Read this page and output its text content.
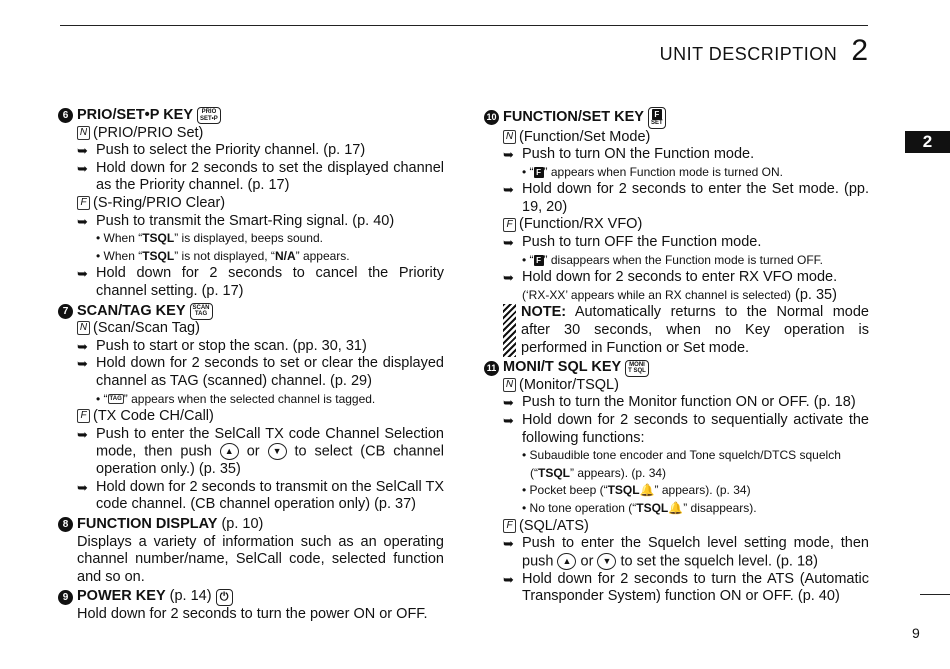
UNIT DESCRIPTION 2
2
9
6 PRIO/SET•P KEY	PRIO
SET•P
N (PRIO/PRIO Set)
➥ Push to select the Priority channel. (p. 17)
➥ Hold down for 2 seconds to set the displayed channel as the Priority channel. (p. 17)
F (S-Ring/PRIO Clear)
➥ Push to transmit the Smart-Ring signal. (p. 40)
• When “TSQL” is displayed, beeps sound.
• When “TSQL” is not displayed, “N/A” appears.
➥ Hold down for 2 seconds to cancel the Priority channel setting. (p. 17)
7 SCAN/TAG KEY	SCAN
TAG
N (Scan/Scan Tag)
➥ Push to start or stop the scan. (pp. 30, 31)
➥ Hold down for 2 seconds to set or clear the displayed channel as TAG (scanned) channel. (p. 29)
• “ TAG ” appears when the selected channel is tagged.
F (TX Code CH/Call)
➥ Push to enter the SelCall TX code Channel Selection mode, then push ▲ or ▼ to select (CB channel operation only.) (p. 35)
➥ Hold down for 2 seconds to transmit on the SelCall TX code channel. (CB channel operation only) (p. 37)
8 FUNCTION DISPLAY (p. 10)
Displays a variety of information such as an operating channel number/name, SelCall code, selected function and so on.
9 POWER KEY (p. 14) ⏻
Hold down for 2 seconds to turn the power ON or OFF.
10 FUNCTION/SET KEY	F
SET
N (Function/Set Mode)
➥ Push to turn ON the Function mode.
• “ F ” appears when Function mode is turned ON.
➥ Hold down for 2 seconds to enter the Set mode. (pp. 19, 20)
F (Function/RX VFO)
➥ Push to turn OFF the Function mode.
• “ F ” disappears when the Function mode is turned OFF.
➥ Hold down for 2 seconds to enter RX VFO mode.
(‘RX-XX’ appears while an RX channel is selected) (p. 35)
NOTE: Automatically returns to the Normal mode after 30 seconds, when no Key operation is performed in Function or Set mode.
11 MONI/T SQL KEY	MONI
T SQL
N (Monitor/TSQL)
➥ Push to turn the Monitor function ON or OFF. (p. 18)
➥ Hold down for 2 seconds to sequentially activate the following functions:
• Subaudible tone encoder and Tone squelch/DTCS squelch
(“TSQL” appears). (p. 34)
• Pocket beep (“TSQL🔔” appears). (p. 34)
• No tone operation (“TSQL🔔” disappears).
F (SQL/ATS)
➥ Push to enter the Squelch level setting mode, then push ▲ or ▼ to set the squelch level. (p. 18)
➥ Hold down for 2 seconds to turn the ATS (Automatic Transponder System) function ON or OFF. (p. 40)
